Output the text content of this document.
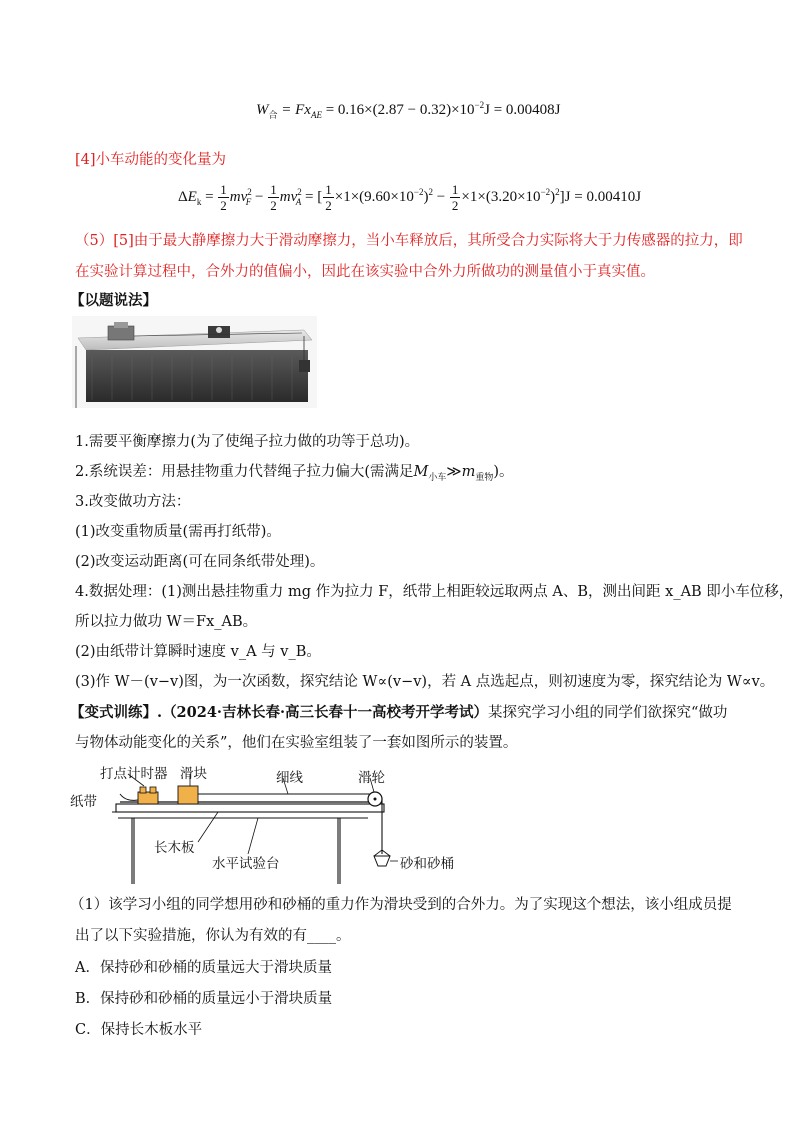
$W_合 = Fx_{AE} = 0.16\times(2.87 - 0.32)\times 10^{-2}J = 0.00408J$
[4]小车动能的变化量为
$\Delta E_k = \frac{1}{2} mv^2_F - \frac{1}{2} mv^2_A$ = [ $\frac{1}{2} \times 1\times(9.60\times 10^{-2})^2 - \frac{1}{2} \times 1\times(3.20\times 10^{-2})^2]J = 0.00410J$
（5）[5]由于最大静摩擦力大于滑动摩擦力，当小车释放后，其所受合力实际将大于力传感器的拉力，即
在实验计算过程中，合外力的值偏小，因此在该实验中合外力所做功的测量值小于真实值。
【以题说法】
1.需要平衡摩擦力(为了使绳子拉力做的功等于总功)。
2.系统误差：用悬挂物重力代替绳子拉力偏大(需满足$M_{小车}≫m_{重物}$)。
3.改变做功方法：
(1)改变重物质量(需再打纸带)。
(2)改变运动距离(可在同条纸带处理)。
4.数据处理：(1)测出悬挂物重力 mg 作为拉力 F，纸带上相距较远取两点 A、B，测出间距 x_AB 即小车位移，
所以拉力做功 W＝Fx_AB。
(2)由纸带计算瞬时速度 v_A 与 v_B。
(3)作 W－(v−v)图，为一次函数，探究结论 W∝(v−v)，若 A 点选起点，则初速度为零，探究结论为 W∝v。
【变式训练】.（2024·吉林长春·高三长春十一高校考开学考试）某探究学习小组的同学们欲探究“做功
与物体动能变化的关系”，他们在实验室组装了一套如图所示的装置。
打点计时器 滑块	细线	滑轮
纸带
长木板
水平试验台	砂和砂桶
（1）该学习小组的同学想用砂和砂桶的重力作为滑块受到的合外力。为了实现这个想法，该小组成员提
出了以下实验措施，你认为有效的有____。
A．保持砂和砂桶的质量远大于滑块质量
B．保持砂和砂桶的质量远小于滑块质量
C．保持长木板水平
